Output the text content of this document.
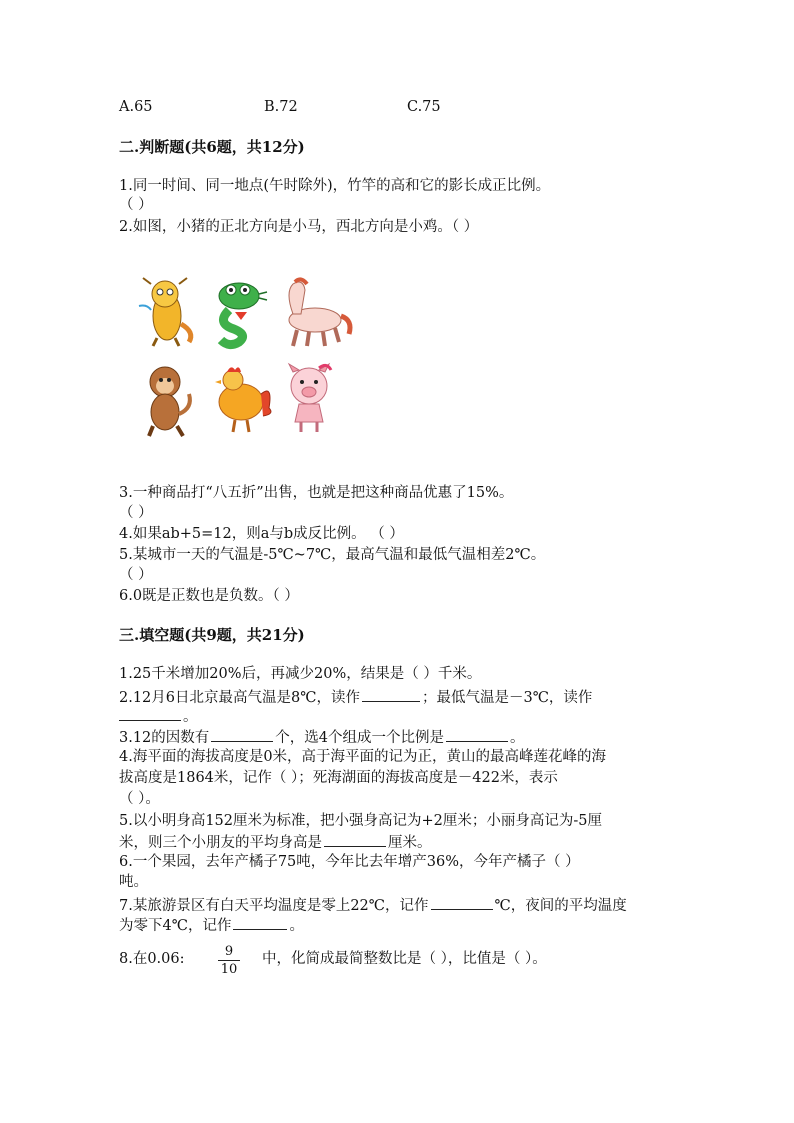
A.65	B.72	C.75
二.判断题(共6题，共12分)
1.同一时间、同一地点(午时除外)，竹竿的高和它的影长成正比例。
（ ）
2.如图，小猪的正北方向是小马，西北方向是小鸡。（ ）
3.一种商品打“八五折”出售，也就是把这种商品优惠了15%。
（ ）
4.如果ab+5=12，则a与b成反比例。 （ ）
5.某城市一天的气温是-5℃~7℃，最高气温和最低气温相差2℃。
（ ）
6.0既是正数也是负数。（ ）
三.填空题(共9题，共21分)
1.25千米增加20%后，再减少20%，结果是（ ）千米。
2.12月6日北京最高气温是8℃，读作	；最低气温是－3℃，读作
。
3.12的因数有	个，选4个组成一个比例是	。
4.海平面的海拔高度是0米，高于海平面的记为正，黄山的最高峰莲花峰的海
拔高度是1864米，记作（ ）；死海湖面的海拔高度是－422米，表示
（ ）。
5.以小明身高152厘米为标准，把小强身高记为+2厘米；小丽身高记为-5厘
米，则三个小朋友的平均身高是	厘米。
6.一个果园，去年产橘子75吨，今年比去年增产36%，今年产橘子（ ）
吨。
7.某旅游景区有白天平均温度是零上22℃，记作	℃，夜间的平均温度
为零下4℃，记作	。
8.在0.06:	9
10
中，化简成最简整数比是（ ），比值是（ ）。
